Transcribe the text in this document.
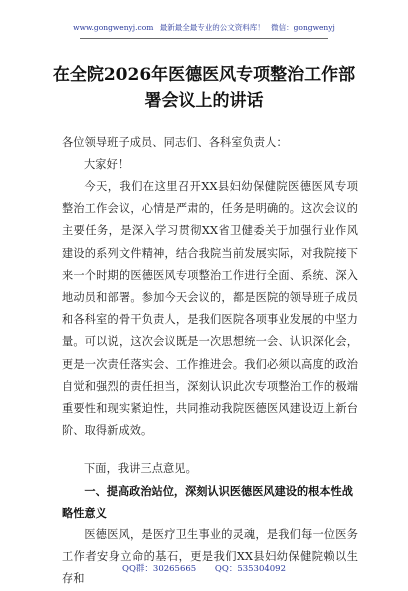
www.gongwenyj.com 最新最全最专业的公文资料库！ 微信：gongwenyj
在全院2026年医德医风专项整治工作部
署会议上的讲话

各位领导班子成员、同志们、各科室负责人：

大家好！

今天，我们在这里召开XX县妇幼保健院医德医风专项整治工作会议，心情是严肃的，任务是明确的。这次会议的主要任务，是深入学习贯彻XX省卫健委关于加强行业作风建设的系列文件精神，结合我院当前发展实际，对我院接下来一个时期的医德医风专项整治工作进行全面、系统、深入地动员和部署。参加今天会议的，都是医院的领导班子成员和各科室的骨干负责人，是我们医院各项事业发展的中坚力量。可以说，这次会议既是一次思想统一会、认识深化会，更是一次责任落实会、工作推进会。我们必须以高度的政治自觉和强烈的责任担当，深刻认识此次专项整治工作的极端重要性和现实紧迫性，共同推动我院医德医风建设迈上新台阶、取得新成效。

下面，我讲三点意见。

一、提高政治站位，深刻认识医德医风建设的根本性战略性意义

医德医风，是医疗卫生事业的灵魂，是我们每一位医务工作者安身立命的基石，更是我们XX县妇幼保健院赖以生存和

QQ群：30265665 QQ：535304092
